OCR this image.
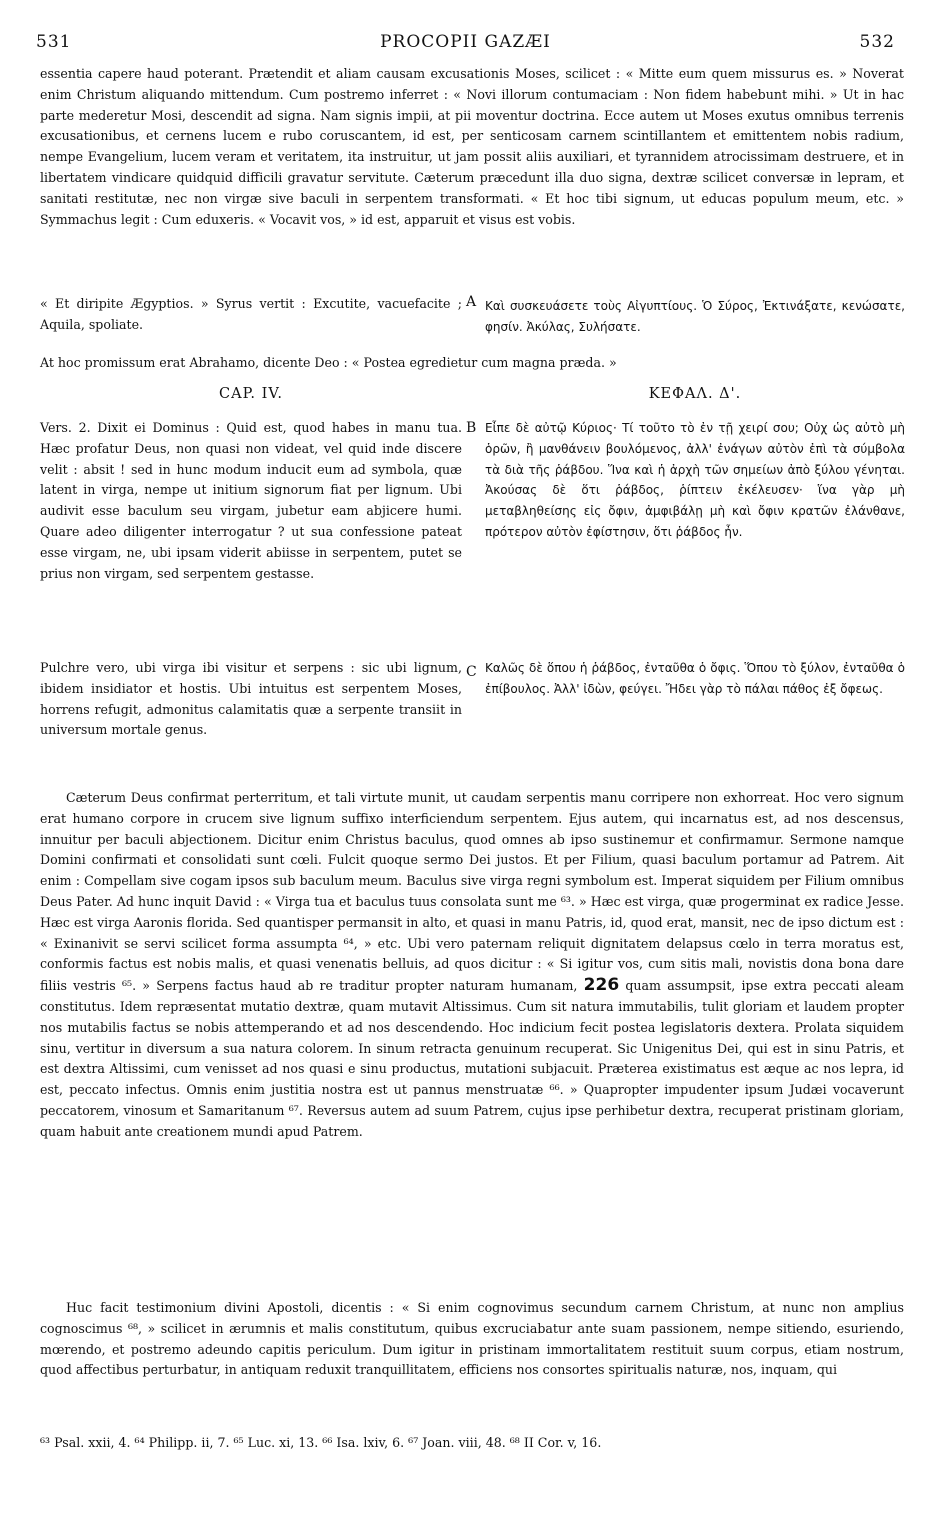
531	PROCOPII GAZÆI	532
essentia capere haud poterant. Prætendit et aliam causam excusationis Moses, scilicet : « Mitte eum quem missurus es. » Noverat enim Christum aliquando mittendum. Cum postremo inferret : « Novi illorum contumaciam : Non fidem habebunt mihi. » Ut in hac parte mederetur Mosi, descendit ad signa. Nam signis impii, at pii moventur doctrina. Ecce autem ut Moses exutus omnibus terrenis excusationibus, et cernens lucem e rubo coruscantem, id est, per senticosam carnem scintillantem et emittentem nobis radium, nempe Evangelium, lucem veram et veritatem, ita instruitur, ut jam possit aliis auxiliari, et tyrannidem atrocissimam destruere, et in libertatem vindicare quidquid difficili gravatur servitute. Cæterum præcedunt illa duo signa, dextræ scilicet conversæ in lepram, et sanitati restitutæ, nec non virgæ sive baculi in serpentem transformati. « Et hoc tibi signum, ut educas populum meum, etc. » Symmachus legit : Cum eduxeris. « Vocavit vos, » id est, apparuit et visus est vobis.
« Et diripite Ægyptios. » Syrus vertit : Excutite, vacuefacite ; Aquila, spoliate.
A Καὶ συσκευάσετε τοὺς Αἰγυπτίους. Ὁ Σύρος, Ἐκτινάξατε, κενώσατε, φησίν. Ἀκύλας, Συλήσατε.
At hoc promissum erat Abrahamo, dicente Deo : « Postea egredietur cum magna præda. »
CAP. IV.	ΚΕΦΑΛ. Δ'.
Vers. 2. Dixit ei Dominus : Quid est, quod habes in manu tua. Hæc profatur Deus, non quasi non videat, vel quid inde discere velit : absit ! sed in hunc modum inducit eum ad symbola, quæ latent in virga, nempe ut initium signorum fiat per lignum. Ubi audivit esse baculum seu virgam, jubetur eam abjicere humi. Quare adeo diligenter interrogatur ? ut sua confessione pateat esse virgam, ne, ubi ipsam viderit abiisse in serpentem, putet se prius non virgam, sed serpentem gestasse.
B Εἶπε δὲ αὐτῷ Κύριος· Τί τοῦτο τὸ ἐν τῇ χειρί σου; Οὐχ ὡς αὐτὸ μὴ ὁρῶν, ἢ μανθάνειν βουλόμενος, ἀλλ' ἐνάγων αὐτὸν ἐπὶ τὰ σύμβολα τὰ διὰ τῆς ῥάβδου. Ἵνα καὶ ἡ ἀρχὴ τῶν σημείων ἀπὸ ξύλου γένηται. Ἀκούσας δὲ ὅτι ῥάβδος, ῥίπτειν ἐκέλευσεν· ἵνα γὰρ μὴ μεταβληθείσης εἰς ὄφιν, ἀμφιβάλῃ μὴ καὶ ὄφιν κρατῶν ἐλάνθανε, πρότερον αὐτὸν ἐφίστησιν, ὅτι ῥάβδος ἦν.
Pulchre vero, ubi virga ibi visitur et serpens : sic ubi lignum, ibidem insidiator et hostis. Ubi intuitus est serpentem Moses, horrens refugit, admonitus calamitatis quæ a serpente transiit in universum mortale genus.
C Καλῶς δὲ ὅπου ἡ ῥάβδος, ἐνταῦθα ὁ ὄφις. Ὅπου τὸ ξύλον, ἐνταῦθα ὁ ἐπίβουλος. Ἀλλ' ἰδὼν, φεύγει. Ἤδει γὰρ τὸ πάλαι πάθος ἐξ ὄφεως.
Cæterum Deus confirmat perterritum, et tali virtute munit, ut caudam serpentis manu corripere non exhorreat. Hoc vero signum erat humano corpore in crucem sive lignum suffixo interficiendum serpentem. Ejus autem, qui incarnatus est, ad nos descensus, innuitur per baculi abjectionem. Dicitur enim Christus baculus, quod omnes ab ipso sustinemur et confirmamur. Sermone namque Domini confirmati et consolidati sunt cœli. Fulcit quoque sermo Dei justos. Et per Filium, quasi baculum portamur ad Patrem. Ait enim : Compellam sive cogam ipsos sub baculum meum. Baculus sive virga regni symbolum est. Imperat siquidem per Filium omnibus Deus Pater. Ad hunc inquit David : « Virga tua et baculus tuus consolata sunt me ⁶³. » Hæc est virga, quæ progerminat ex radice Jesse. Hæc est virga Aaronis florida. Sed quantisper permansit in alto, et quasi in manu Patris, id, quod erat, mansit, nec de ipso dictum est : « Exinanivit se servi scilicet forma assumpta ⁶⁴, » etc. Ubi vero paternam reliquit dignitatem delapsus cœlo in terra moratus est, conformis factus est nobis malis, et quasi venenatis belluis, ad quos dicitur : « Si igitur vos, cum sitis mali, novistis dona bona dare filiis vestris ⁶⁵. » Serpens factus haud ab re traditur propter naturam humanam, 226 quam assumpsit, ipse extra peccati aleam constitutus. Idem repræsentat mutatio dextræ, quam mutavit Altissimus. Cum sit natura immutabilis, tulit gloriam et laudem propter nos mutabilis factus se nobis attemperando et ad nos descendendo. Hoc indicium fecit postea legislatoris dextera. Prolata siquidem sinu, vertitur in diversum a sua natura colorem. In sinum retracta genuinum recuperat. Sic Unigenitus Dei, qui est in sinu Patris, et est dextra Altissimi, cum venisset ad nos quasi e sinu productus, mutationi subjacuit. Præterea existimatus est æque ac nos lepra, id est, peccato infectus. Omnis enim justitia nostra est ut pannus menstruatæ ⁶⁶. » Quapropter impudenter ipsum Judæi vocaverunt peccatorem, vinosum et Samaritanum ⁶⁷. Reversus autem ad suum Patrem, cujus ipse perhibetur dextra, recuperat pristinam gloriam, quam habuit ante creationem mundi apud Patrem.
Huc facit testimonium divini Apostoli, dicentis : « Si enim cognovimus secundum carnem Christum, at nunc non amplius cognoscimus ⁶⁸, » scilicet in ærumnis et malis constitutum, quibus excruciabatur ante suam passionem, nempe sitiendo, esuriendo, mœrendo, et postremo adeundo capitis periculum. Dum igitur in pristinam immortalitatem restituit suum corpus, etiam nostrum, quod affectibus perturbatur, in antiquam reduxit tranquillitatem, efficiens nos consortes spiritualis naturæ, nos, inquam, qui
⁶³ Psal. xxii, 4. ⁶⁴ Philipp. ii, 7. ⁶⁵ Luc. xi, 13. ⁶⁶ Isa. lxiv, 6. ⁶⁷ Joan. viii, 48. ⁶⁸ II Cor. v, 16.
